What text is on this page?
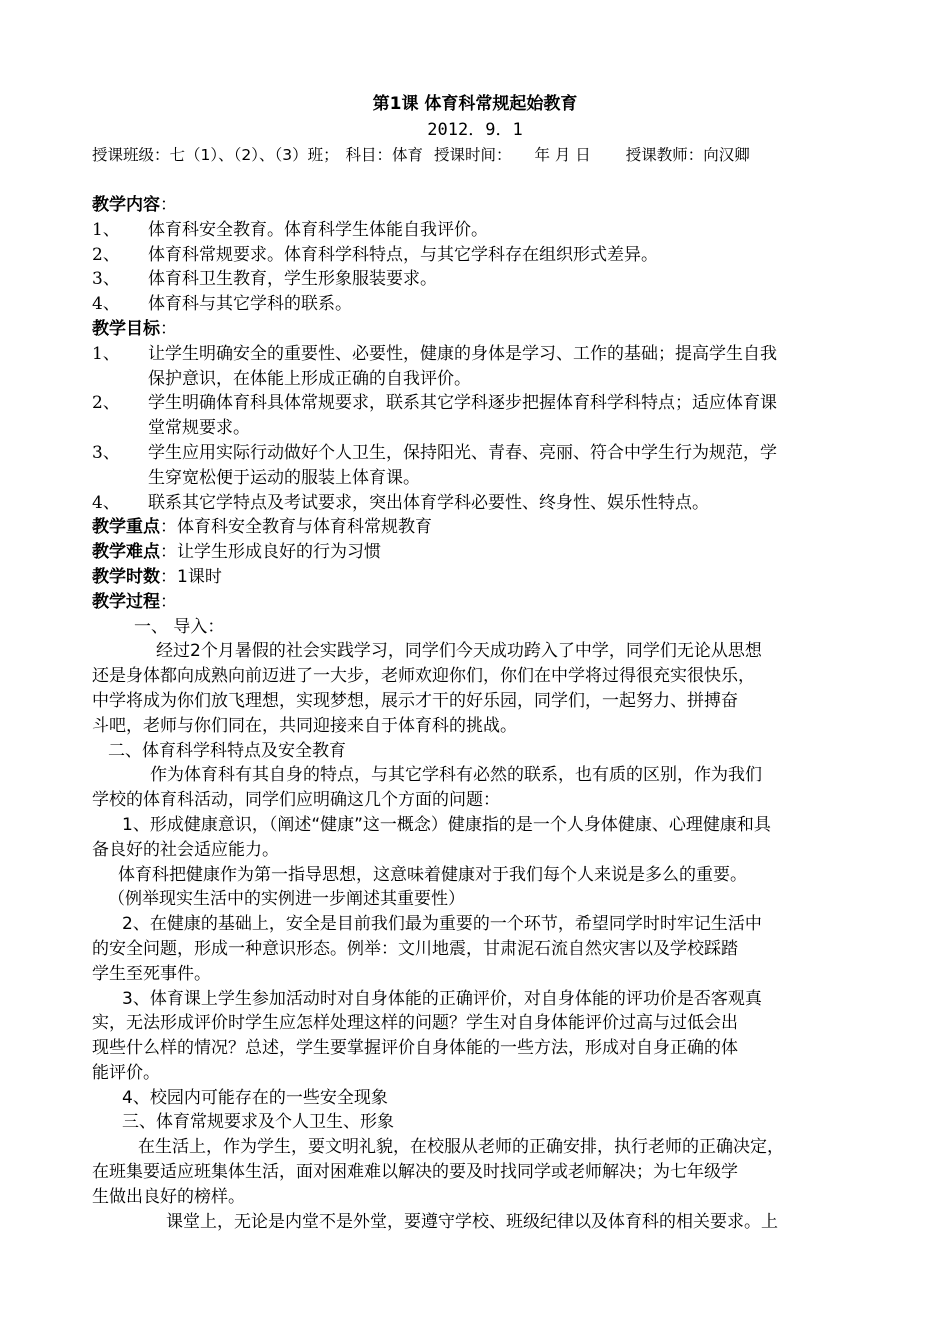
第1课 体育科常规起始教育
2012．9．1
授课班级：七（1）、（2）、（3）班； 科目：体育 授课时间： 年 月 日 授课教师：向汉卿

教学内容：

1、	体育科安全教育。体育科学生体能自我评价。
2、	体育科常规要求。体育科学科特点，与其它学科存在组织形式差异。
3、	体育科卫生教育，学生形象服装要求。
4、	体育科与其它学科的联系。

教学目标：

1、	让学生明确安全的重要性、必要性，健康的身体是学习、工作的基础；提高学生自我
保护意识，在体能上形成正确的自我评价。
2、	学生明确体育科具体常规要求，联系其它学科逐步把握体育科学科特点；适应体育课
堂常规要求。
3、	学生应用实际行动做好个人卫生，保持阳光、青春、亮丽、符合中学生行为规范，学
生穿宽松便于运动的服装上体育课。
4、	联系其它学特点及考试要求，突出体育学科必要性、终身性、娱乐性特点。

教学重点：体育科安全教育与体育科常规教育

教学难点：让学生形成良好的行为习惯

教学时数：1课时

教学过程：

一、 导入：

经过2个月暑假的社会实践学习，同学们今天成功跨入了中学，同学们无论从思想

还是身体都向成熟向前迈进了一大步，老师欢迎你们，你们在中学将过得很充实很快乐，

中学将成为你们放飞理想，实现梦想，展示才干的好乐园，同学们，一起努力、拼搏奋

斗吧，老师与你们同在，共同迎接来自于体育科的挑战。

二、体育科学科特点及安全教育

作为体育科有其自身的特点，与其它学科有必然的联系，也有质的区别，作为我们

学校的体育科活动，同学们应明确这几个方面的问题：

1、形成健康意识，（阐述“健康”这一概念）健康指的是一个人身体健康、心理健康和具

备良好的社会适应能力。

体育科把健康作为第一指导思想，这意味着健康对于我们每个人来说是多么的重要。

（例举现实生活中的实例进一步阐述其重要性）

2、在健康的基础上，安全是目前我们最为重要的一个环节，希望同学时时牢记生活中

的安全问题，形成一种意识形态。例举：文川地震，甘肃泥石流自然灾害以及学校踩踏

学生至死事件。

3、体育课上学生参加活动时对自身体能的正确评价，对自身体能的评功价是否客观真

实，无法形成评价时学生应怎样处理这样的问题？学生对自身体能评价过高与过低会出

现些什么样的情况？总述，学生要掌握评价自身体能的一些方法，形成对自身正确的体

能评价。

4、校园内可能存在的一些安全现象

三、体育常规要求及个人卫生、形象

在生活上，作为学生，要文明礼貌，在校服从老师的正确安排，执行老师的正确决定，

在班集要适应班集体生活，面对困难难以解决的要及时找同学或老师解决；为七年级学

生做出良好的榜样。

课堂上，无论是内堂不是外堂，要遵守学校、班级纪律以及体育科的相关要求。上
